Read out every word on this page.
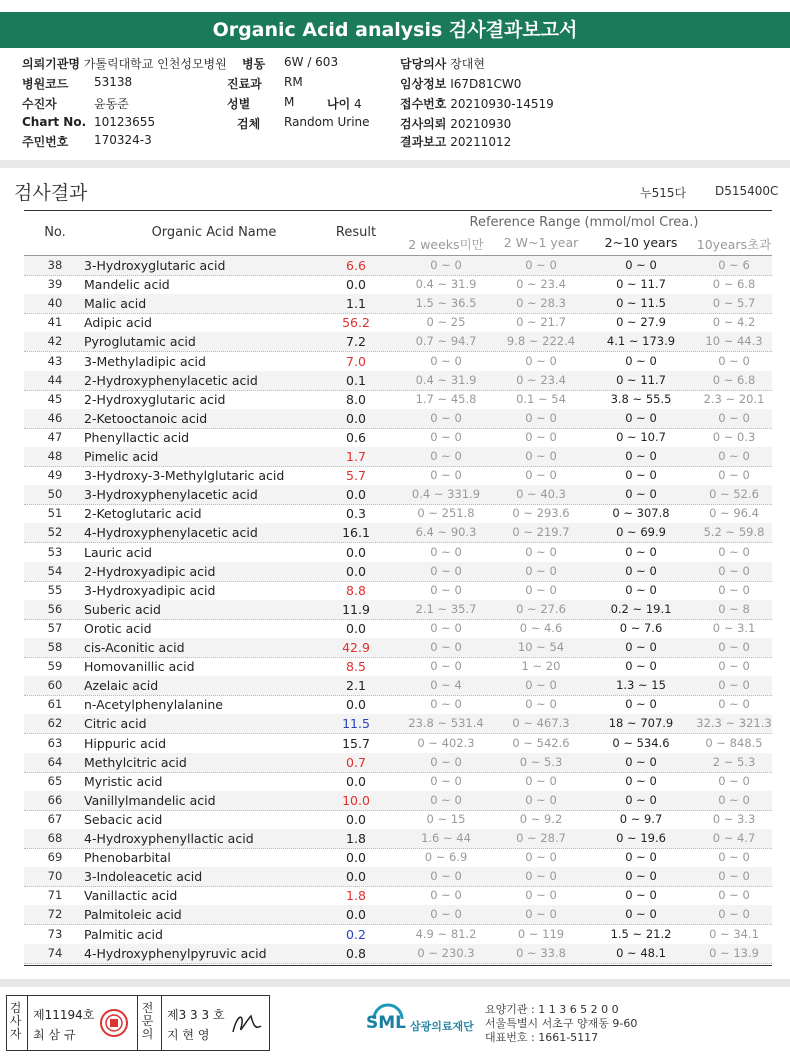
Organic Acid analysis 검사결과보고서
의뢰기관명 가톨릭대학교 인천성모병원 병동 6W / 603	담당의사 장대현
병원코드 53138	진료과 RM	임상정보 I67D81CW0
수진자	윤동준	성별	M	나이 4	접수번호 20210930-14519
Chart No. 10123655	검체 Random Urine	검사의뢰 20210930
주민번호 170324-3	결과보고 20211012
검사결과	누515다 D515400C
No.	Organic Acid Name	Result
Reference Range (mmol/mol Crea.)
2 weeks미만	2 W~1 year	2~10 years	10years초과
38	3-Hydroxyglutaric acid	6.6	0 ~ 0	0 ~ 0	0 ~ 0	0 ~ 6
39	Mandelic acid	0.0	0.4 ~ 31.9	0 ~ 23.4	0 ~ 11.7	0 ~ 6.8
40	Malic acid	1.1	1.5 ~ 36.5	0 ~ 28.3	0 ~ 11.5	0 ~ 5.7
41	Adipic acid	56.2	0 ~ 25	0 ~ 21.7	0 ~ 27.9	0 ~ 4.2
42	Pyroglutamic acid	7.2	0.7 ~ 94.7	9.8 ~ 222.4	4.1 ~ 173.9	10 ~ 44.3
43	3-Methyladipic acid	7.0	0 ~ 0	0 ~ 0	0 ~ 0	0 ~ 0
44	2-Hydroxyphenylacetic acid	0.1	0.4 ~ 31.9	0 ~ 23.4	0 ~ 11.7	0 ~ 6.8
45	2-Hydroxyglutaric acid	8.0	1.7 ~ 45.8	0.1 ~ 54	3.8 ~ 55.5	2.3 ~ 20.1
46	2-Ketooctanoic acid	0.0	0 ~ 0	0 ~ 0	0 ~ 0	0 ~ 0
47	Phenyllactic acid	0.6	0 ~ 0	0 ~ 0	0 ~ 10.7	0 ~ 0.3
48	Pimelic acid	1.7	0 ~ 0	0 ~ 0	0 ~ 0	0 ~ 0
49	3-Hydroxy-3-Methylglutaric acid	5.7	0 ~ 0	0 ~ 0	0 ~ 0	0 ~ 0
50	3-Hydroxyphenylacetic acid	0.0	0.4 ~ 331.9	0 ~ 40.3	0 ~ 0	0 ~ 52.6
51	2-Ketoglutaric acid	0.3	0 ~ 251.8	0 ~ 293.6	0 ~ 307.8	0 ~ 96.4
52	4-Hydroxyphenylacetic acid	16.1	6.4 ~ 90.3	0 ~ 219.7	0 ~ 69.9	5.2 ~ 59.8
53	Lauric acid	0.0	0 ~ 0	0 ~ 0	0 ~ 0	0 ~ 0
54	2-Hydroxyadipic acid	0.0	0 ~ 0	0 ~ 0	0 ~ 0	0 ~ 0
55	3-Hydroxyadipic acid	8.8	0 ~ 0	0 ~ 0	0 ~ 0	0 ~ 0
56	Suberic acid	11.9	2.1 ~ 35.7	0 ~ 27.6	0.2 ~ 19.1	0 ~ 8
57	Orotic acid	0.0	0 ~ 0	0 ~ 4.6	0 ~ 7.6	0 ~ 3.1
58	cis-Aconitic acid	42.9	0 ~ 0	10 ~ 54	0 ~ 0	0 ~ 0
59	Homovanillic acid	8.5	0 ~ 0	1 ~ 20	0 ~ 0	0 ~ 0
60	Azelaic acid	2.1	0 ~ 4	0 ~ 0	1.3 ~ 15	0 ~ 0
61	n-Acetylphenylalanine	0.0	0 ~ 0	0 ~ 0	0 ~ 0	0 ~ 0
62	Citric acid	11.5	23.8 ~ 531.4	0 ~ 467.3	18 ~ 707.9	32.3 ~ 321.3
63	Hippuric acid	15.7	0 ~ 402.3	0 ~ 542.6	0 ~ 534.6	0 ~ 848.5
64	Methylcitric acid	0.7	0 ~ 0	0 ~ 5.3	0 ~ 0	2 ~ 5.3
65	Myristic acid	0.0	0 ~ 0	0 ~ 0	0 ~ 0	0 ~ 0
66	Vanillylmandelic acid	10.0	0 ~ 0	0 ~ 0	0 ~ 0	0 ~ 0
67	Sebacic acid	0.0	0 ~ 15	0 ~ 9.2	0 ~ 9.7	0 ~ 3.3
68	4-Hydroxyphenyllactic acid	1.8	1.6 ~ 44	0 ~ 28.7	0 ~ 19.6	0 ~ 4.7
69	Phenobarbital	0.0	0 ~ 6.9	0 ~ 0	0 ~ 0	0 ~ 0
70	3-Indoleacetic acid	0.0	0 ~ 0	0 ~ 0	0 ~ 0	0 ~ 0
71	Vanillactic acid	1.8	0 ~ 0	0 ~ 0	0 ~ 0	0 ~ 0
72	Palmitoleic acid	0.0	0 ~ 0	0 ~ 0	0 ~ 0	0 ~ 0
73	Palmitic acid	0.2	4.9 ~ 81.2	0 ~ 119	1.5 ~ 21.2	0 ~ 34.1
74	4-Hydroxyphenylpyruvic acid	0.8	0 ~ 230.3	0 ~ 33.8	0 ~ 48.1	0 ~ 13.9
검사자
제11194호
최 삼 규
전문의
제3 3 3 호
지 현 영
SML 삼광의료재단
요양기관 : 1 1 3 6 5 2 0 0
서울특별시 서초구 양재동 9-60
대표번호 : 1661-5117
